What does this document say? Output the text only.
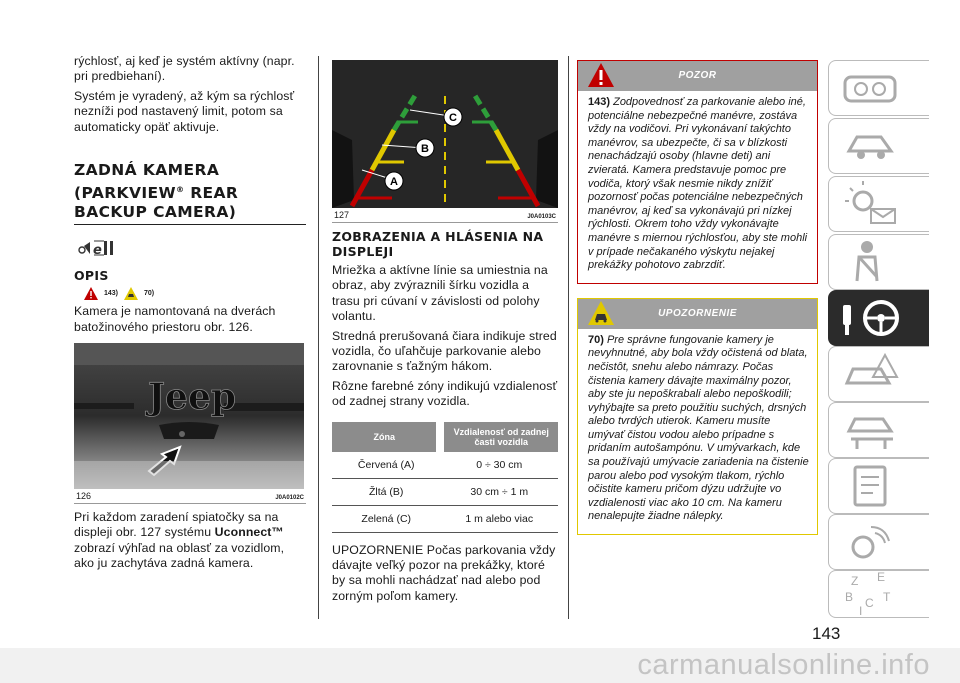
rýchlosť, aj keď je systém aktívny (napr. pri predbiehaní).

Systém je vyradený, až kým sa rýchlosť nezníži pod nastavený limit, potom sa automaticky opäť aktivuje.

ZADNÁ KAMERA
(PARKVIEW® REAR
BACKUP CAMERA)
e
OPIS
143)	70)

Kamera je namontovaná na dverách batožinového priestoru obr. 126.

Jeep
126	J0A0102C

Pri každom zaradení spiatočky sa na displeji obr. 127 systému Uconnect™ zobrazí výhľad na oblasť za vozidlom, ako ju zachytáva zadná kamera.

A
B
C
127	J0A0103C
ZOBRAZENIA A HLÁSENIA NA DISPLEJI

Mriežka a aktívne línie sa umiestnia na obraz, aby zvýraznili šírku vozidla a trasu pri cúvaní v závislosti od polohy volantu.

Stredná prerušovaná čiara indikuje stred vozidla, čo uľahčuje parkovanie alebo zarovnanie s ťažným hákom.

Rôzne farebné zóny indikujú vzdialenosť od zadnej strany vozidla.

Zóna	Vzdialenosť od zadnej časti vozidla
Červená (A)	0 ÷ 30 cm
Žltá (B)	30 cm ÷ 1 m
Zelená (C)	1 m alebo viac

UPOZORNENIE Počas parkovania vždy dávajte veľký pozor na prekážky, ktoré by sa mohli nachádzať nad alebo pod zorným poľom kamery.

POZOR
143) Zodpovednosť za parkovanie alebo iné, potenciálne nebezpečné manévre, zostáva vždy na vodičovi. Pri vykonávaní takýchto manévrov, sa ubezpečte, či sa v blízkosti nenachádzajú osoby (hlavne deti) ani zvieratá. Kamera predstavuje pomoc pre vodiča, ktorý však nesmie nikdy znížiť pozornosť počas potenciálne nebezpečných manévrov, aj keď sa vykonávajú pri nízkej rýchlosti. Okrem toho vždy vykonávajte manévre s miernou rýchlosťou, aby ste mohli v prípade nečakaného výskytu nejakej prekážky pohotovo zabrzdiť.
UPOZORNENIE
70) Pre správne fungovanie kamery je nevyhnutné, aby bola vždy očistená od blata, nečistôt, snehu alebo námrazy. Počas čistenia kamery dávajte maximálny pozor, aby ste ju nepoškrabali alebo nepoškodili; vyhýbajte sa preto použitiu suchých, drsných alebo tvrdých utierok. Kameru musíte umývať čistou vodou alebo prípadne s pridaním autošampónu. V umývarkach, kde sa používajú umývacie zariadenia na čistenie parou alebo pod vysokým tlakom, rýchlo očistite kameru pričom dýzu udržujte vo vzdialenosti viac ako 10 cm. Na kameru nenalepujte žiadne nálepky.
Z E
B C T
I
143
carmanualsonline.info
